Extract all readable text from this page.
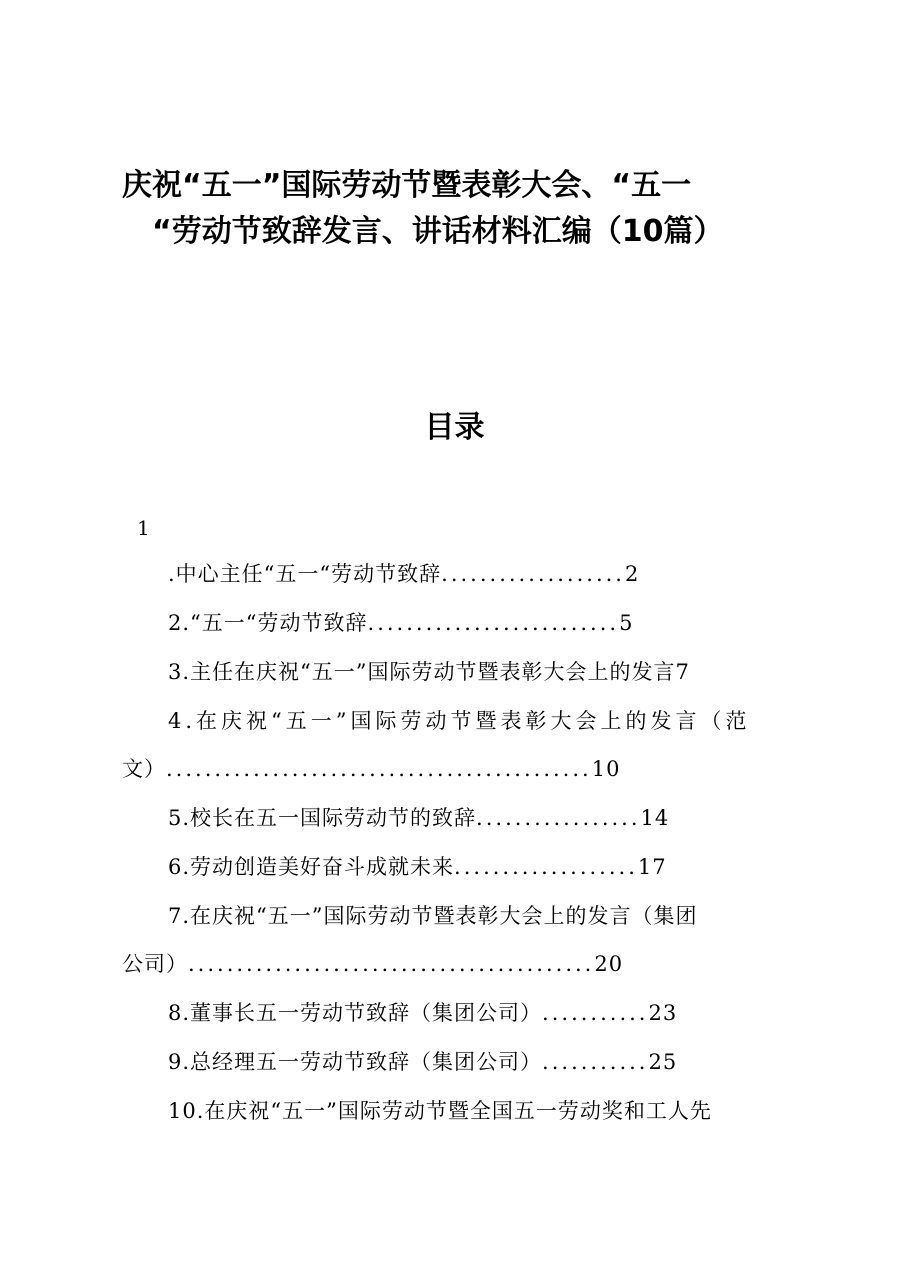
庆祝“五一”国际劳动节暨表彰大会、“五一
“劳动节致辞发言、讲话材料汇编（10篇）
目录
1
.中心主任“五一“劳动节致辞...................2
2.“五一“劳动节致辞..........................5
3.主任在庆祝“五一”国际劳动节暨表彰大会上的发言7
4.在庆祝“五一”国际劳动节暨表彰大会上的发言（范
文）............................................10
5.校长在五一国际劳动节的致辞.................14
6.劳动创造美好奋斗成就未来...................17
7.在庆祝“五一”国际劳动节暨表彰大会上的发言（集团
公司）..........................................20
8.董事长五一劳动节致辞（集团公司）...........23
9.总经理五一劳动节致辞（集团公司）...........25
10.在庆祝“五一”国际劳动节暨全国五一劳动奖和工人先
